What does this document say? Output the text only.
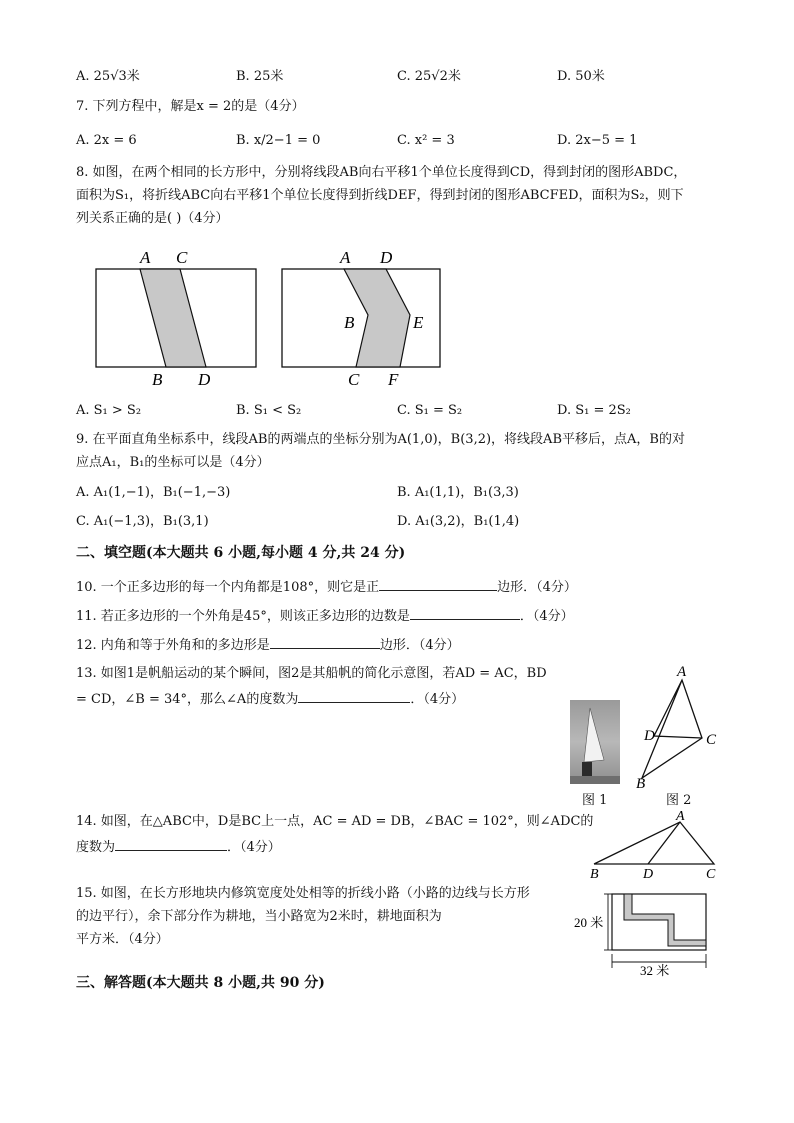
A. 25√3米	B. 25米	C. 25√2米	D. 50米
7. 下列方程中，解是x = 2的是（4分）
A. 2x = 6	B. x/2−1 = 0	C. x² = 3	D. 2x−5 = 1
8. 如图，在两个相同的长方形中，分别将线段AB向右平移1个单位长度得到CD，得到封闭的图形ABDC，
面积为S₁，将折线ABC向右平移1个单位长度得到折线DEF，得到封闭的图形ABCFED，面积为S₂，则下
列关系正确的是( )（4分）
A C
B D
A D
B	E
C F
A. S₁ > S₂	B. S₁ < S₂	C. S₁ = S₂	D. S₁ = 2S₂
9. 在平面直角坐标系中，线段AB的两端点的坐标分别为A(1,0)，B(3,2)，将线段AB平移后，点A，B的对
应点A₁，B₁的坐标可以是（4分）
A. A₁(1,−1)，B₁(−1,−3)	B. A₁(1,1)，B₁(3,3)
C. A₁(−1,3)，B₁(3,1)	D. A₁(3,2)，B₁(1,4)
二、填空题(本大题共 6 小题,每小题 4 分,共 24 分)
10. 一个正多边形的每一个内角都是108°，则它是正	边形．（4分）
11. 若正多边形的一个外角是45°，则该正多边形的边数是	．（4分）
12. 内角和等于外角和的多边形是	边形．（4分）
13. 如图1是帆船运动的某个瞬间，图2是其船帆的简化示意图，若AD = AC，BD
= CD，∠B = 34°，那么∠A的度数为	．（4分）
图 1
A
D	C
B
图 2
14. 如图，在△ABC中，D是BC上一点，AC = AD = DB，∠BAC = 102°，则∠ADC的
度数为	．（4分）
A
B	D	C
15. 如图，在长方形地块内修筑宽度处处相等的折线小路（小路的边线与长方形
的边平行），余下部分作为耕地，当小路宽为2米时，耕地面积为
平方米．（4分）
20 米
32 米
三、解答题(本大题共 8 小题,共 90 分)
